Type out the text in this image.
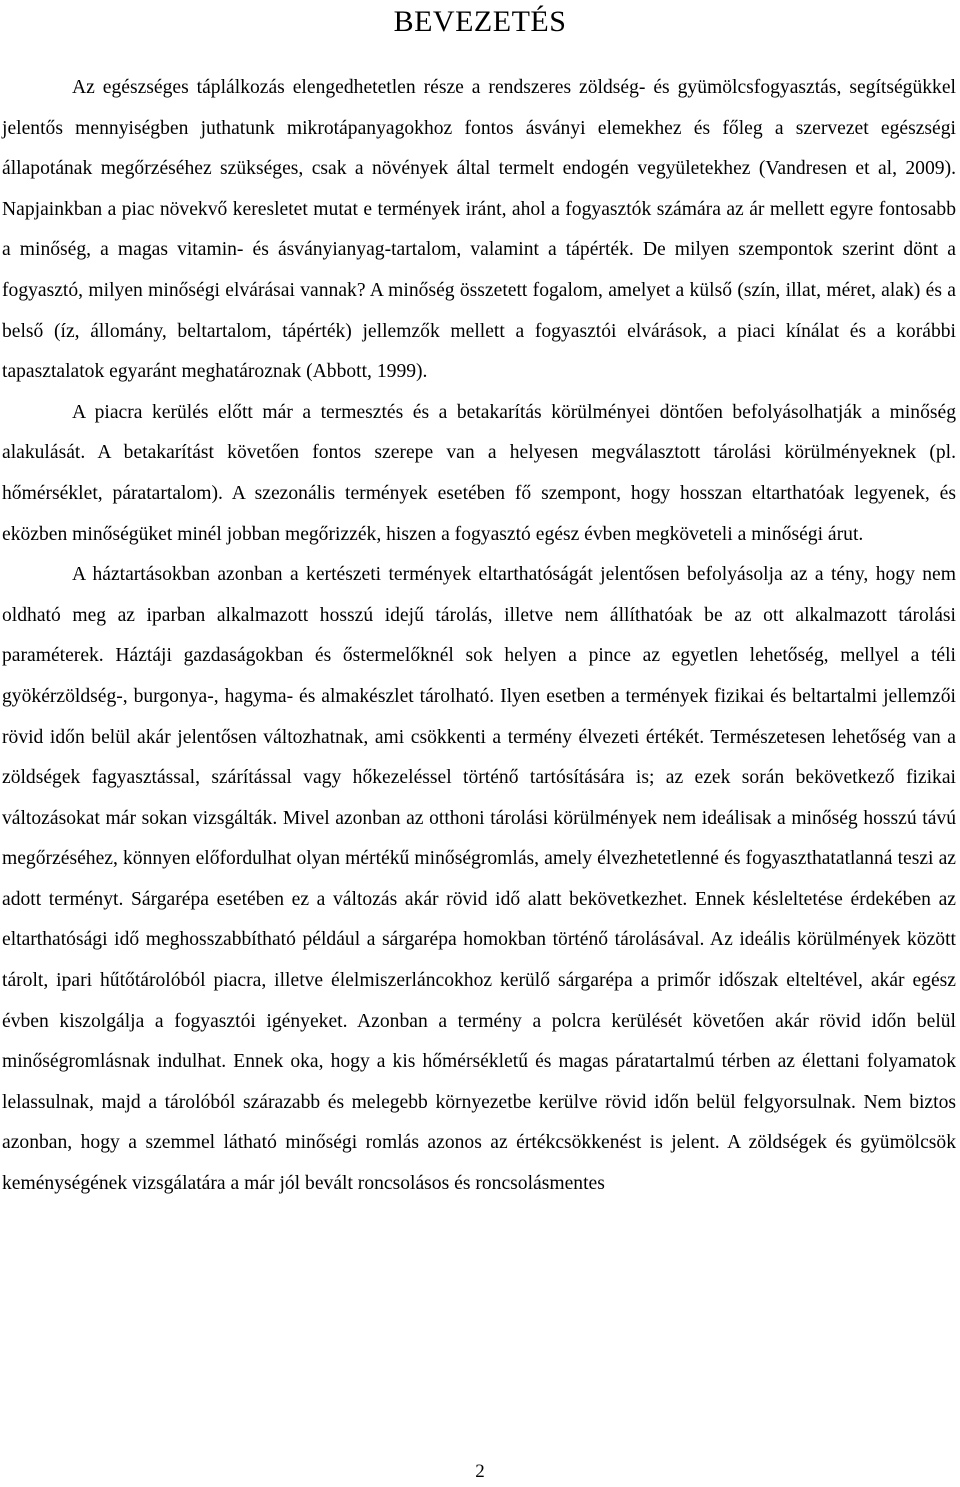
BEVEZETÉS

Az egészséges táplálkozás elengedhetetlen része a rendszeres zöldség- és gyümölcsfogyasztás, segítségükkel jelentős mennyiségben juthatunk mikrotápanyagokhoz fontos ásványi elemekhez és főleg a szervezet egészségi állapotának megőrzéséhez szükséges, csak a növények által termelt endogén vegyületekhez (Vandresen et al, 2009). Napjainkban a piac növekvő keresletet mutat e termények iránt, ahol a fogyasztók számára az ár mellett egyre fontosabb a minőség, a magas vitamin- és ásványianyag-tartalom, valamint a tápérték. De milyen szempontok szerint dönt a fogyasztó, milyen minőségi elvárásai vannak? A minőség összetett fogalom, amelyet a külső (szín, illat, méret, alak) és a belső (íz, állomány, beltartalom, tápérték) jellemzők mellett a fogyasztói elvárások, a piaci kínálat és a korábbi tapasztalatok egyaránt meghatároznak (Abbott, 1999).

A piacra kerülés előtt már a termesztés és a betakarítás körülményei döntően befolyásolhatják a minőség alakulását. A betakarítást követően fontos szerepe van a helyesen megválasztott tárolási körülményeknek (pl. hőmérséklet, páratartalom). A szezonális termények esetében fő szempont, hogy hosszan eltarthatóak legyenek, és eközben minőségüket minél jobban megőrizzék, hiszen a fogyasztó egész évben megköveteli a minőségi árut.

A háztartásokban azonban a kertészeti termények eltarthatóságát jelentősen befolyásolja az a tény, hogy nem oldható meg az iparban alkalmazott hosszú idejű tárolás, illetve nem állíthatóak be az ott alkalmazott tárolási paraméterek. Háztáji gazdaságokban és őstermelőknél sok helyen a pince az egyetlen lehetőség, mellyel a téli gyökérzöldség-, burgonya-, hagyma- és almakészlet tárolható. Ilyen esetben a termények fizikai és beltartalmi jellemzői rövid időn belül akár jelentősen változhatnak, ami csökkenti a termény élvezeti értékét. Természetesen lehetőség van a zöldségek fagyasztással, szárítással vagy hőkezeléssel történő tartósítására is; az ezek során bekövetkező fizikai változásokat már sokan vizsgálták. Mivel azonban az otthoni tárolási körülmények nem ideálisak a minőség hosszú távú megőrzéséhez, könnyen előfordulhat olyan mértékű minőségromlás, amely élvezhetetlenné és fogyaszthatatlanná teszi az adott terményt. Sárgarépa esetében ez a változás akár rövid idő alatt bekövetkezhet. Ennek késleltetése érdekében az eltarthatósági idő meghosszabbítható például a sárgarépa homokban történő tárolásával. Az ideális körülmények között tárolt, ipari hűtőtárolóból piacra, illetve élelmiszerláncokhoz kerülő sárgarépa a primőr időszak elteltével, akár egész évben kiszolgálja a fogyasztói igényeket. Azonban a termény a polcra kerülését követően akár rövid időn belül minőségromlásnak indulhat. Ennek oka, hogy a kis hőmérsékletű és magas páratartalmú térben az élettani folyamatok lelassulnak, majd a tárolóból szárazabb és melegebb környezetbe kerülve rövid időn belül felgyorsulnak. Nem biztos azonban, hogy a szemmel látható minőségi romlás azonos az értékcsökkenést is jelent. A zöldségek és gyümölcsök keménységének vizsgálatára a már jól bevált roncsolásos és roncsolásmentes

2
